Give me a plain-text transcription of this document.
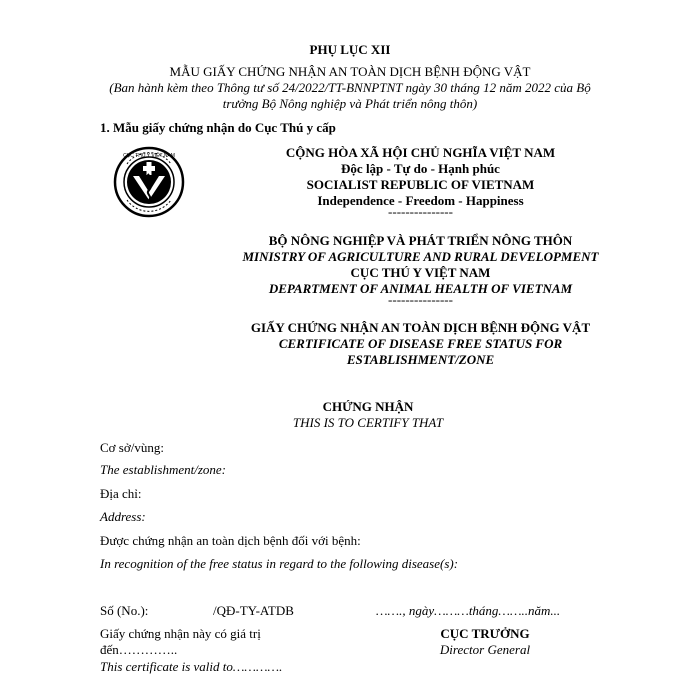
PHỤ LỤC XII
MẪU GIẤY CHỨNG NHẬN AN TOÀN DỊCH BỆNH ĐỘNG VẬT
(Ban hành kèm theo Thông tư số 24/2022/TT-BNNPTNT ngày 30 tháng 12 năm 2022 của Bộ
trưởng Bộ Nông nghiệp và Phát triển nông thôn)
1. Mẫu giấy chứng nhận do Cục Thú y cấp
CỤC THÚ Y VIỆT NAM	CỘNG HÒA XÃ HỘI CHỦ NGHĨA VIỆT NAM
Độc lập - Tự do - Hạnh phúc
SOCIALIST REPUBLIC OF VIETNAM
Independence - Freedom - Happiness
---------------
BỘ NÔNG NGHIỆP VÀ PHÁT TRIỂN NÔNG THÔN
MINISTRY OF AGRICULTURE AND RURAL DEVELOPMENT
CỤC THÚ Y VIỆT NAM
DEPARTMENT OF ANIMAL HEALTH OF VIETNAM
---------------
GIẤY CHỨNG NHẬN AN TOÀN DỊCH BỆNH ĐỘNG VẬT
CERTIFICATE OF DISEASE FREE STATUS FOR
ESTABLISHMENT/ZONE
CHỨNG NHẬN
THIS IS TO CERTIFY THAT
Cơ sở/vùng:
The establishment/zone:
Địa chỉ:
Address:
Được chứng nhận an toàn dịch bệnh đối với bệnh:
In recognition of the free status in regard to the following disease(s):
Số (No.):	/QĐ-TY-ATDB	……., ngày………tháng……..năm...
Giấy chứng nhận này có giá trị
đến…………..
This certificate is valid to………….
CỤC TRƯỞNG
Director General
